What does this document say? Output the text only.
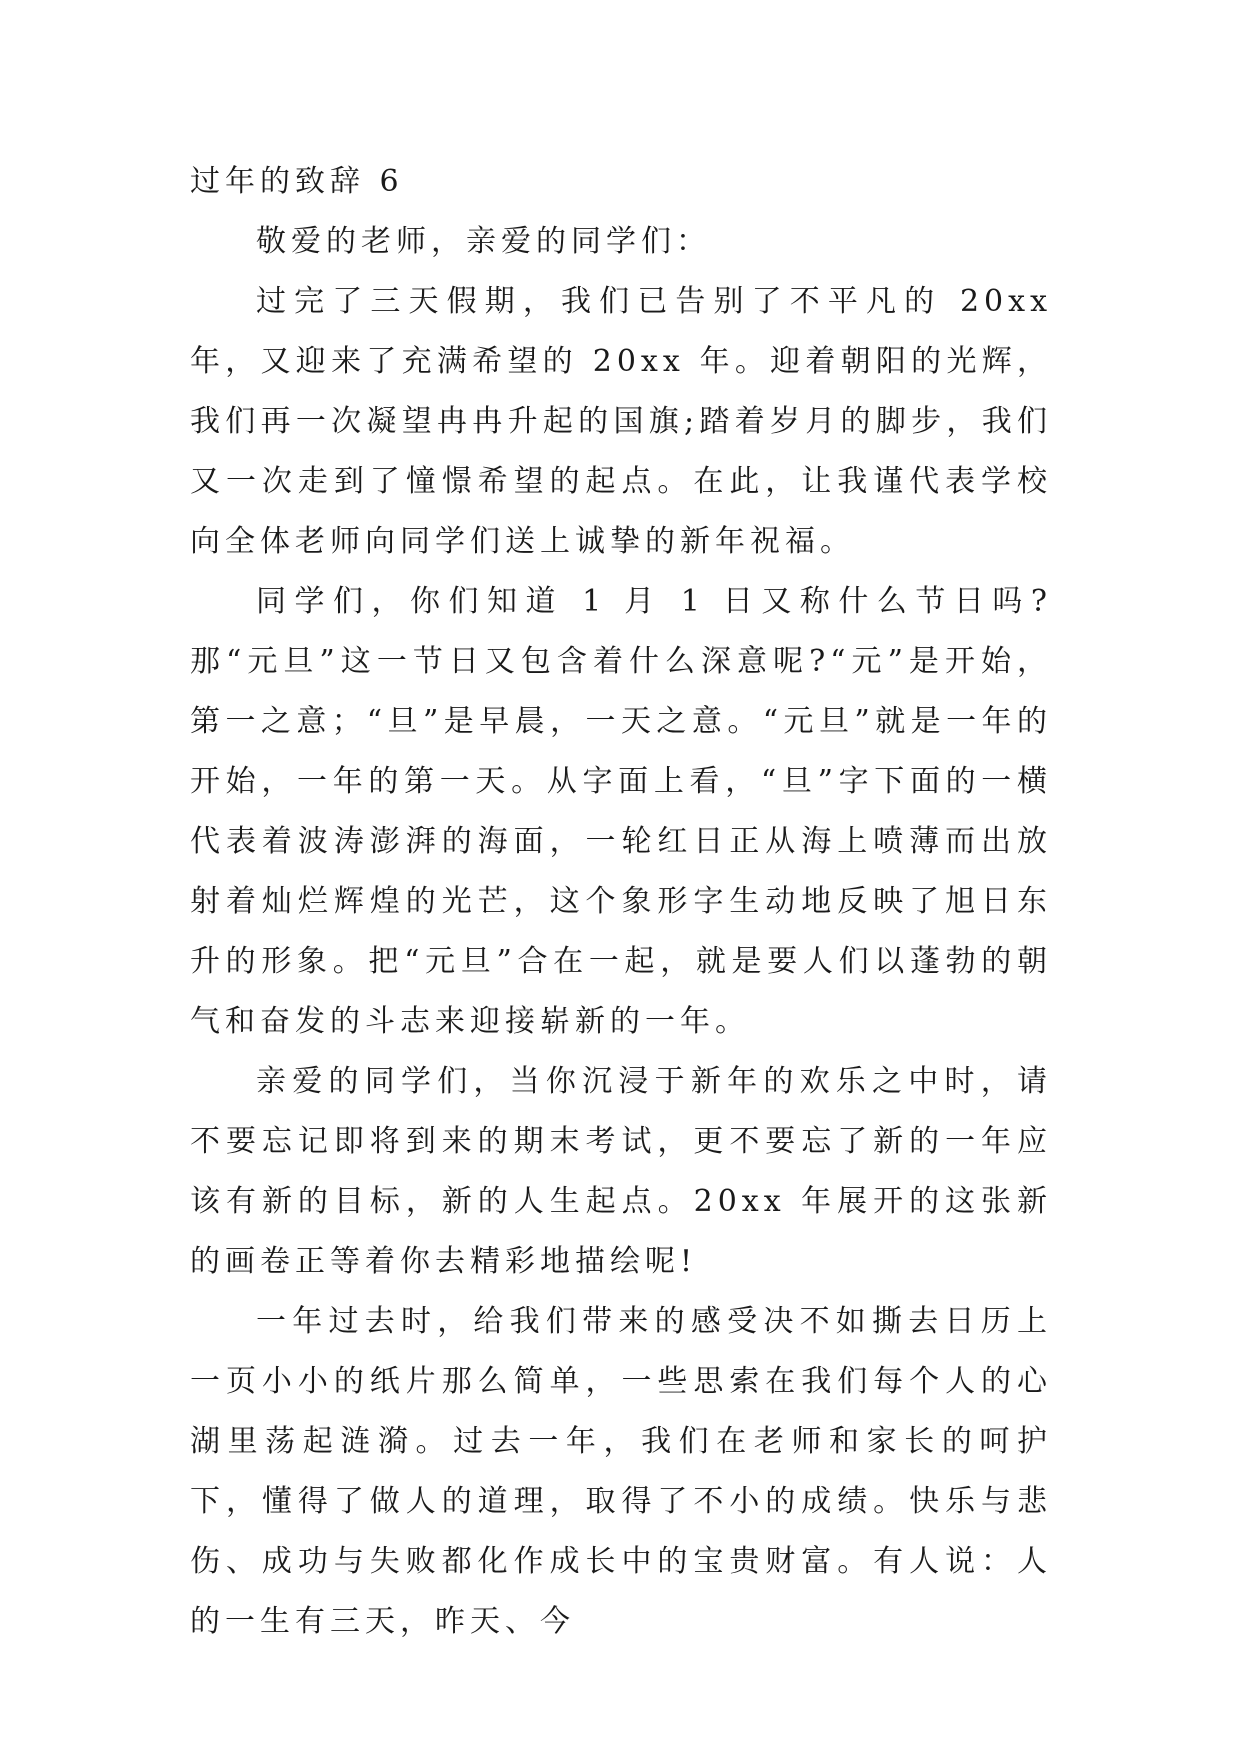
过年的致辞 6

敬爱的老师，亲爱的同学们：

过完了三天假期，我们已告别了不平凡的 20xx 年，又迎来了充满希望的 20xx 年。迎着朝阳的光辉，我们再一次凝望冉冉升起的国旗;踏着岁月的脚步，我们又一次走到了憧憬希望的起点。在此，让我谨代表学校向全体老师向同学们送上诚挚的新年祝福。

同学们，你们知道 1 月 1 日又称什么节日吗?那“元旦”这一节日又包含着什么深意呢?“元”是开始，第一之意；“旦”是早晨，一天之意。“元旦”就是一年的开始，一年的第一天。从字面上看，“旦”字下面的一横代表着波涛澎湃的海面，一轮红日正从海上喷薄而出放射着灿烂辉煌的光芒，这个象形字生动地反映了旭日东升的形象。把“元旦”合在一起，就是要人们以蓬勃的朝气和奋发的斗志来迎接崭新的一年。

亲爱的同学们，当你沉浸于新年的欢乐之中时，请不要忘记即将到来的期末考试，更不要忘了新的一年应该有新的目标，新的人生起点。20xx 年展开的这张新的画卷正等着你去精彩地描绘呢!

一年过去时，给我们带来的感受决不如撕去日历上一页小小的纸片那么简单，一些思索在我们每个人的心湖里荡起涟漪。过去一年，我们在老师和家长的呵护下，懂得了做人的道理，取得了不小的成绩。快乐与悲伤、成功与失败都化作成长中的宝贵财富。有人说：人的一生有三天，昨天、今
